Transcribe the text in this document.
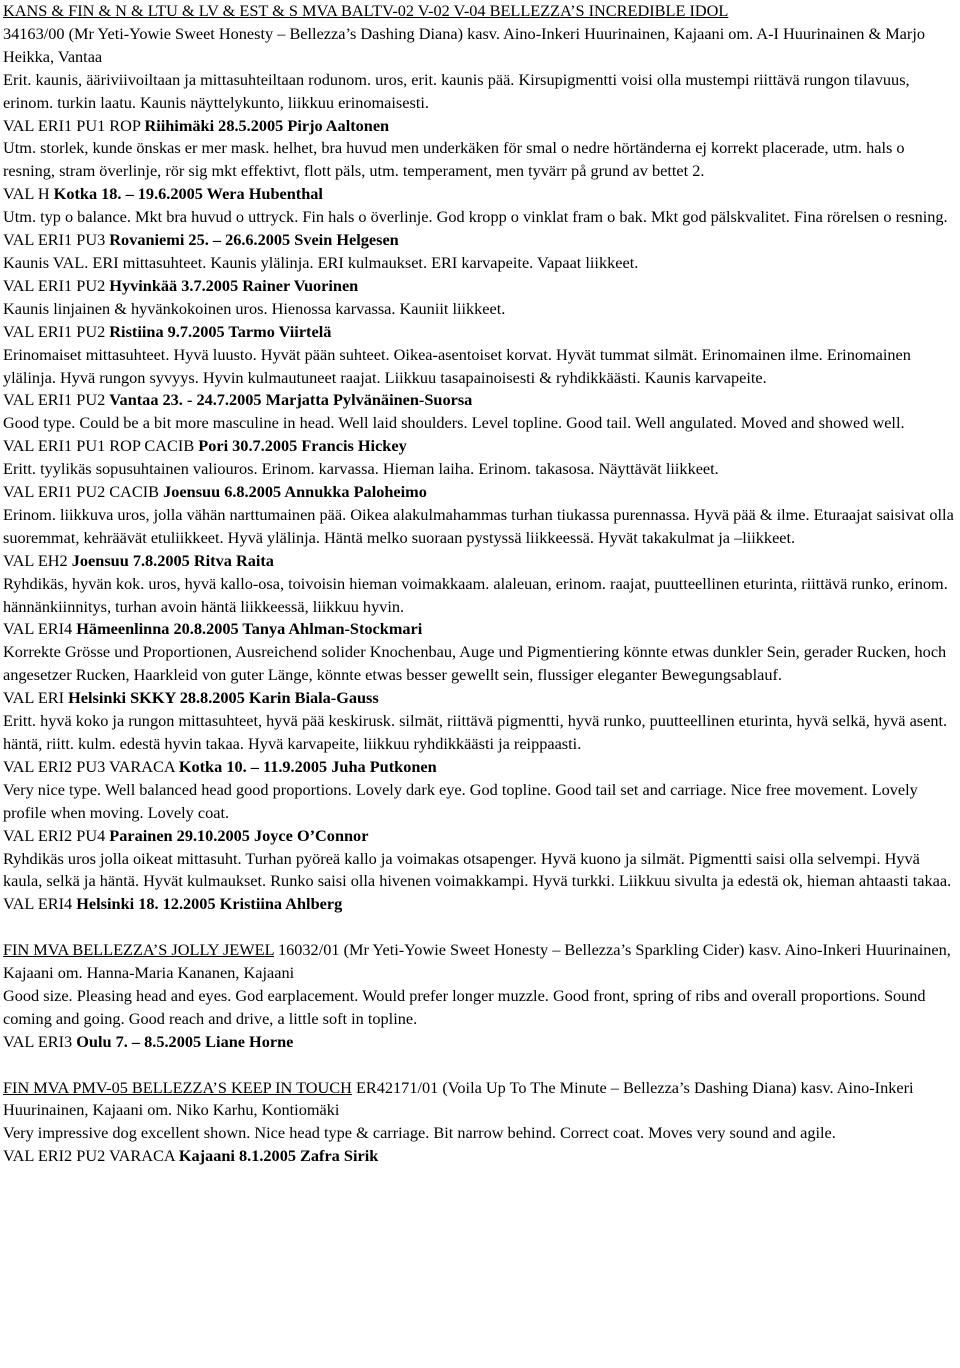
KANS & FIN & N & LTU & LV & EST & S MVA BALTV-02 V-02 V-04 BELLEZZA’S INCREDIBLE IDOL

34163/00 (Mr Yeti-Yowie Sweet Honesty – Bellezza’s Dashing Diana) kasv. Aino-Inkeri Huurinainen, Kajaani om. A-I Huurinainen & Marjo Heikka, Vantaa

Erit. kaunis, ääriviivoiltaan ja mittasuhteiltaan rodunom. uros, erit. kaunis pää. Kirsupigmentti voisi olla mustempi riittävä rungon tilavuus, erinom. turkin laatu. Kaunis näyttelykunto, liikkuu erinomaisesti.

VAL ERI1 PU1 ROP Riihimäki 28.5.2005 Pirjo Aaltonen

Utm. storlek, kunde önskas er mer mask. helhet, bra huvud men underkäken för smal o nedre hörtänderna ej korrekt placerade, utm. hals o resning, stram överlinje, rör sig mkt effektivt, flott päls, utm. temperament, men tyvärr på grund av bettet 2.

VAL H Kotka 18. – 19.6.2005 Wera Hubenthal

Utm. typ o balance. Mkt bra huvud o uttryck. Fin hals o överlinje. God kropp o vinklat fram o bak. Mkt god pälskvalitet. Fina rörelsen o resning.

VAL ERI1 PU3 Rovaniemi 25. – 26.6.2005 Svein Helgesen

Kaunis VAL. ERI mittasuhteet. Kaunis ylälinja. ERI kulmaukset. ERI karvapeite. Vapaat liikkeet.

VAL ERI1 PU2 Hyvinkää 3.7.2005 Rainer Vuorinen

Kaunis linjainen & hyvänkokoinen uros. Hienossa karvassa. Kauniit liikkeet.

VAL ERI1 PU2 Ristiina 9.7.2005 Tarmo Viirtelä

Erinomaiset mittasuhteet. Hyvä luusto. Hyvät pään suhteet. Oikea-asentoiset korvat. Hyvät tummat silmät. Erinomainen ilme. Erinomainen ylälinja. Hyvä rungon syvyys. Hyvin kulmautuneet raajat. Liikkuu tasapainoisesti & ryhdikkäästi. Kaunis karvapeite.

VAL ERI1 PU2 Vantaa 23. - 24.7.2005 Marjatta Pylvänäinen-Suorsa

Good type. Could be a bit more masculine in head. Well laid shoulders. Level topline. Good tail. Well angulated. Moved and showed well.

VAL ERI1 PU1 ROP CACIB Pori 30.7.2005 Francis Hickey

Eritt. tyylikäs sopusuhtainen valiouros. Erinom. karvassa. Hieman laiha. Erinom. takasosa. Näyttävät liikkeet.

VAL ERI1 PU2 CACIB Joensuu 6.8.2005 Annukka Paloheimo

Erinom. liikkuva uros, jolla vähän narttumainen pää. Oikea alakulmahammas turhan tiukassa purennassa. Hyvä pää & ilme. Eturaajat saisivat olla suoremmat, kehräävät etuliikkeet. Hyvä ylälinja. Häntä melko suoraan pystyssä liikkeessä. Hyvät takakulmat ja –liikkeet.

VAL EH2 Joensuu 7.8.2005 Ritva Raita

Ryhdikäs, hyvän kok. uros, hyvä kallo-osa, toivoisin hieman voimakkaam. alaleuan, erinom. raajat, puutteellinen eturinta, riittävä runko, erinom. hännänkiinnitys, turhan avoin häntä liikkeessä, liikkuu hyvin.

VAL ERI4 Hämeenlinna 20.8.2005 Tanya Ahlman-Stockmari

Korrekte Grösse und Proportionen, Ausreichend solider Knochenbau, Auge und Pigmentiering könnte etwas dunkler Sein, gerader Rucken, hoch angesetzer Rucken, Haarkleid von guter Länge, könnte etwas besser gewellt sein, flussiger eleganter Bewegungsablauf.

VAL ERI Helsinki SKKY 28.8.2005 Karin Biala-Gauss

Eritt. hyvä koko ja rungon mittasuhteet, hyvä pää keskirusk. silmät, riittävä pigmentti, hyvä runko, puutteellinen eturinta, hyvä selkä, hyvä asent. häntä, riitt. kulm. edestä hyvin takaa. Hyvä karvapeite, liikkuu ryhdikkäästi ja reippaasti.

VAL ERI2 PU3 VARACA Kotka 10. – 11.9.2005 Juha Putkonen

Very nice type. Well balanced head good proportions. Lovely dark eye. God topline. Good tail set and carriage. Nice free movement. Lovely profile when moving. Lovely coat.

VAL ERI2 PU4 Parainen 29.10.2005 Joyce O’Connor

Ryhdikäs uros jolla oikeat mittasuht. Turhan pyöreä kallo ja voimakas otsapenger. Hyvä kuono ja silmät. Pigmentti saisi olla selvempi. Hyvä kaula, selkä ja häntä. Hyvät kulmaukset. Runko saisi olla hivenen voimakkampi. Hyvä turkki. Liikkuu sivulta ja edestä ok, hieman ahtaasti takaa.

VAL ERI4 Helsinki 18. 12.2005 Kristiina Ahlberg

FIN MVA BELLEZZA’S JOLLY JEWEL 16032/01 (Mr Yeti-Yowie Sweet Honesty – Bellezza’s Sparkling Cider) kasv. Aino-Inkeri Huurinainen, Kajaani om. Hanna-Maria Kananen, Kajaani

Good size. Pleasing head and eyes. God earplacement. Would prefer longer muzzle. Good front, spring of ribs and overall proportions. Sound coming and going. Good reach and drive, a little soft in topline.

VAL ERI3 Oulu 7. – 8.5.2005 Liane Horne

FIN MVA PMV-05 BELLEZZA’S KEEP IN TOUCH ER42171/01 (Voila Up To The Minute – Bellezza’s Dashing Diana) kasv. Aino-Inkeri Huurinainen, Kajaani om. Niko Karhu, Kontiomäki

Very impressive dog excellent shown. Nice head type & carriage. Bit narrow behind. Correct coat. Moves very sound and agile.

VAL ERI2 PU2 VARACA Kajaani 8.1.2005 Zafra Sirik
